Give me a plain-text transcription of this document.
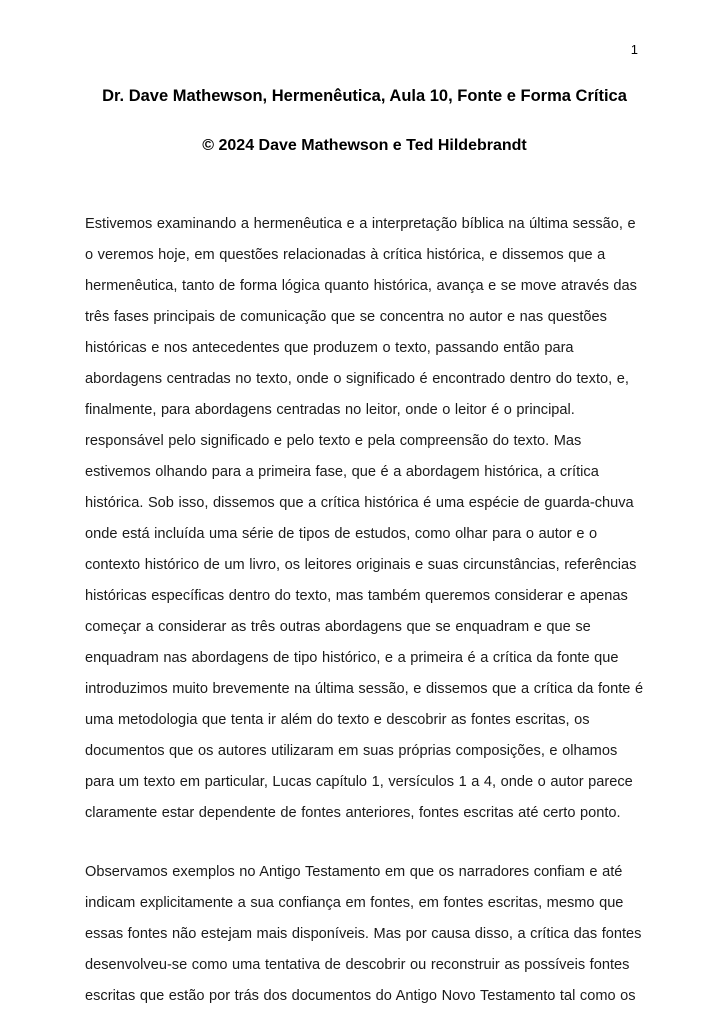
1
Dr. Dave Mathewson, Hermenêutica, Aula 10, Fonte e Forma Crítica
© 2024 Dave Mathewson e Ted Hildebrandt

Estivemos examinando a hermenêutica e a interpretação bíblica na última sessão, e o veremos hoje, em questões relacionadas à crítica histórica, e dissemos que a hermenêutica, tanto de forma lógica quanto histórica, avança e se move através das três fases principais de comunicação que se concentra no autor e nas questões históricas e nos antecedentes que produzem o texto, passando então para abordagens centradas no texto, onde o significado é encontrado dentro do texto, e, finalmente, para abordagens centradas no leitor, onde o leitor é o principal. responsável pelo significado e pelo texto e pela compreensão do texto. Mas estivemos olhando para a primeira fase, que é a abordagem histórica, a crítica histórica. Sob isso, dissemos que a crítica histórica é uma espécie de guarda-chuva onde está incluída uma série de tipos de estudos, como olhar para o autor e o contexto histórico de um livro, os leitores originais e suas circunstâncias, referências históricas específicas dentro do texto, mas também queremos considerar e apenas começar a considerar as três outras abordagens que se enquadram e que se enquadram nas abordagens de tipo histórico, e a primeira é a crítica da fonte que introduzimos muito brevemente na última sessão, e dissemos que a crítica da fonte é uma metodologia que tenta ir além do texto e descobrir as fontes escritas, os documentos que os autores utilizaram em suas próprias composições, e olhamos para um texto em particular, Lucas capítulo 1, versículos 1 a 4, onde o autor parece claramente estar dependente de fontes anteriores, fontes escritas até certo ponto.

Observamos exemplos no Antigo Testamento em que os narradores confiam e até indicam explicitamente a sua confiança em fontes, em fontes escritas, mesmo que essas fontes não estejam mais disponíveis. Mas por causa disso, a crítica das fontes desenvolveu-se como uma tentativa de descobrir ou reconstruir as possíveis fontes escritas que estão por trás dos documentos do Antigo Novo Testamento tal como os
